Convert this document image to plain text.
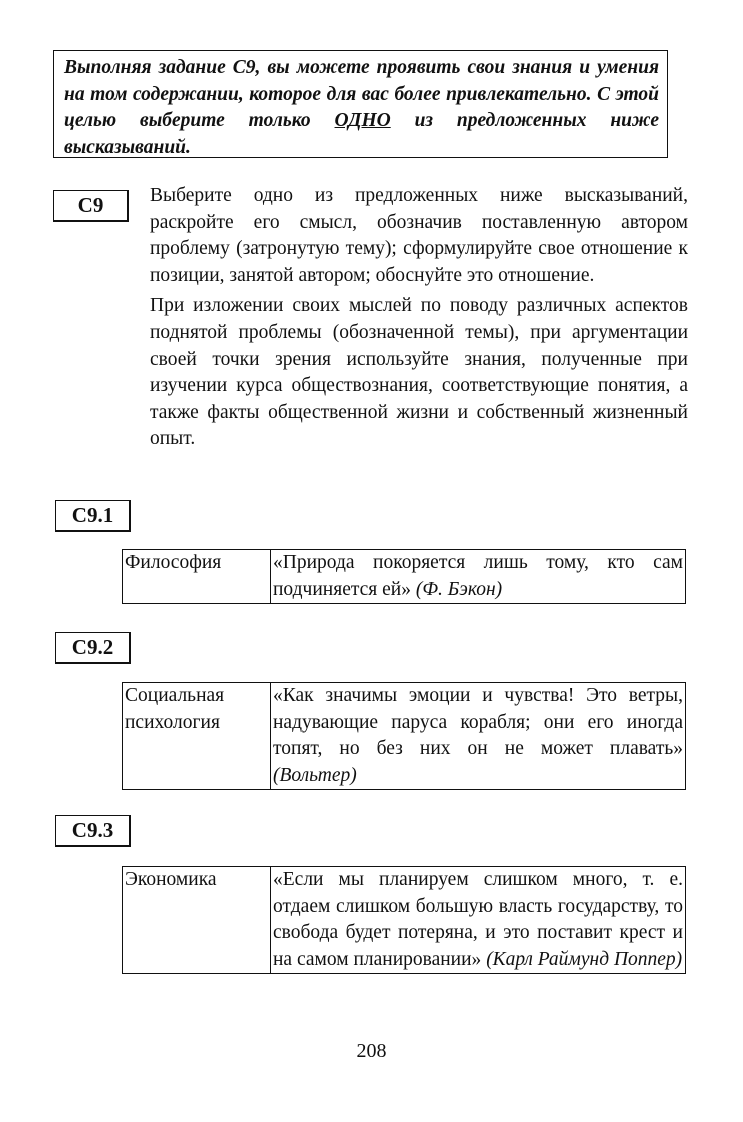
Выполняя задание С9, вы можете проявить свои знания и умения на том содержании, которое для вас более привлекательно. С этой целью выберите только ОДНО из предложенных ниже высказываний.
С9	Выберите одно из предложенных ниже высказываний, раскройте его смысл, обозначив поставленную автором проблему (затронутую тему); сформулируйте свое отношение к позиции, занятой автором; обоснуйте это отношение.

При изложении своих мыслей по поводу различных аспектов поднятой проблемы (обозначенной темы), при аргументации своей точки зрения используйте знания, полученные при изучении курса обществознания, соответствующие понятия, а также факты общественной жизни и собственный жизненный опыт.

С9.1
Философия	«Природа покоряется лишь тому, кто сам подчиняется ей» (Ф. Бэкон)
С9.2
Социальная психология	«Как значимы эмоции и чувства! Это ветры, надувающие паруса корабля; они его иногда топят, но без них он не может плавать» (Вольтер)
С9.3
Экономика	«Если мы планируем слишком много, т. е. отдаем слишком большую власть государству, то свобода будет потеряна, и это поставит крест и на самом планировании» (Карл Раймунд Поппер)
208
